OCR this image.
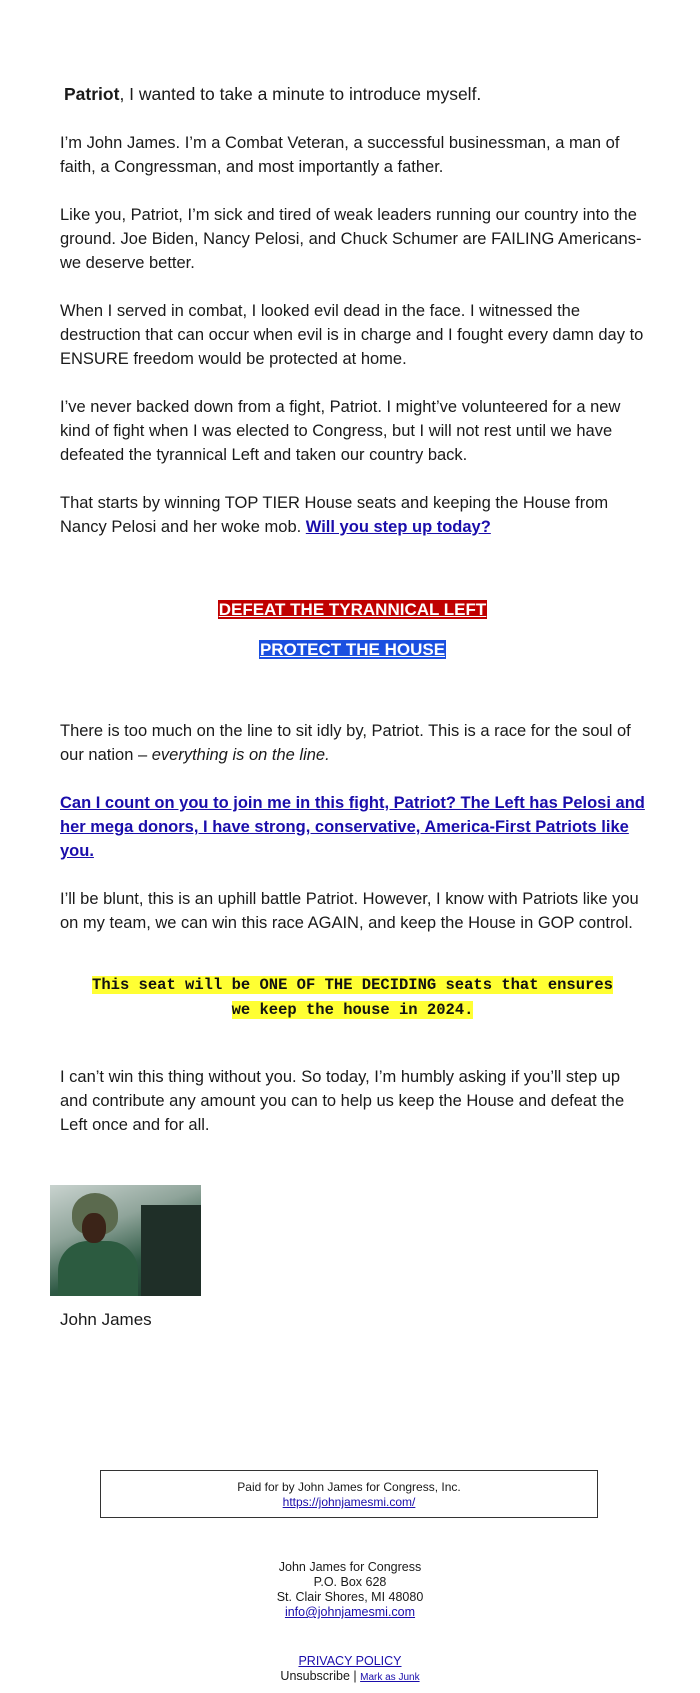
Patriot, I wanted to take a minute to introduce myself.

I’m John James. I’m a Combat Veteran, a successful businessman, a man of faith, a Congressman, and most importantly a father.

Like you, Patriot, I’m sick and tired of weak leaders running our country into the ground. Joe Biden, Nancy Pelosi, and Chuck Schumer are FAILING Americans- we deserve better.

When I served in combat, I looked evil dead in the face. I witnessed the destruction that can occur when evil is in charge and I fought every damn day to ENSURE freedom would be protected at home.

I’ve never backed down from a fight, Patriot. I might’ve volunteered for a new kind of fight when I was elected to Congress, but I will not rest until we have defeated the tyrannical Left and taken our country back.

That starts by winning TOP TIER House seats and keeping the House from Nancy Pelosi and her woke mob. Will you step up today?

DEFEAT THE TYRANNICAL LEFT
PROTECT THE HOUSE

There is too much on the line to sit idly by, Patriot. This is a race for the soul of our nation – everything is on the line.

Can I count on you to join me in this fight, Patriot? The Left has Pelosi and her mega donors, I have strong, conservative, America-First Patriots like you.

I’ll be blunt, this is an uphill battle Patriot. However, I know with Patriots like you on my team, we can win this race AGAIN, and keep the House in GOP control.

This seat will be ONE OF THE DECIDING seats that ensures
we keep the house in 2024.

I can’t win this thing without you. So today, I’m humbly asking if you’ll step up and contribute any amount you can to help us keep the House and defeat the Left once and for all.

John James

Paid for by John James for Congress, Inc.
https://johnjamesmi.com/
John James for Congress
P.O. Box 628
St. Clair Shores, MI 48080
info@johnjamesmi.com
PRIVACY POLICY
Unsubscribe | Mark as Junk
